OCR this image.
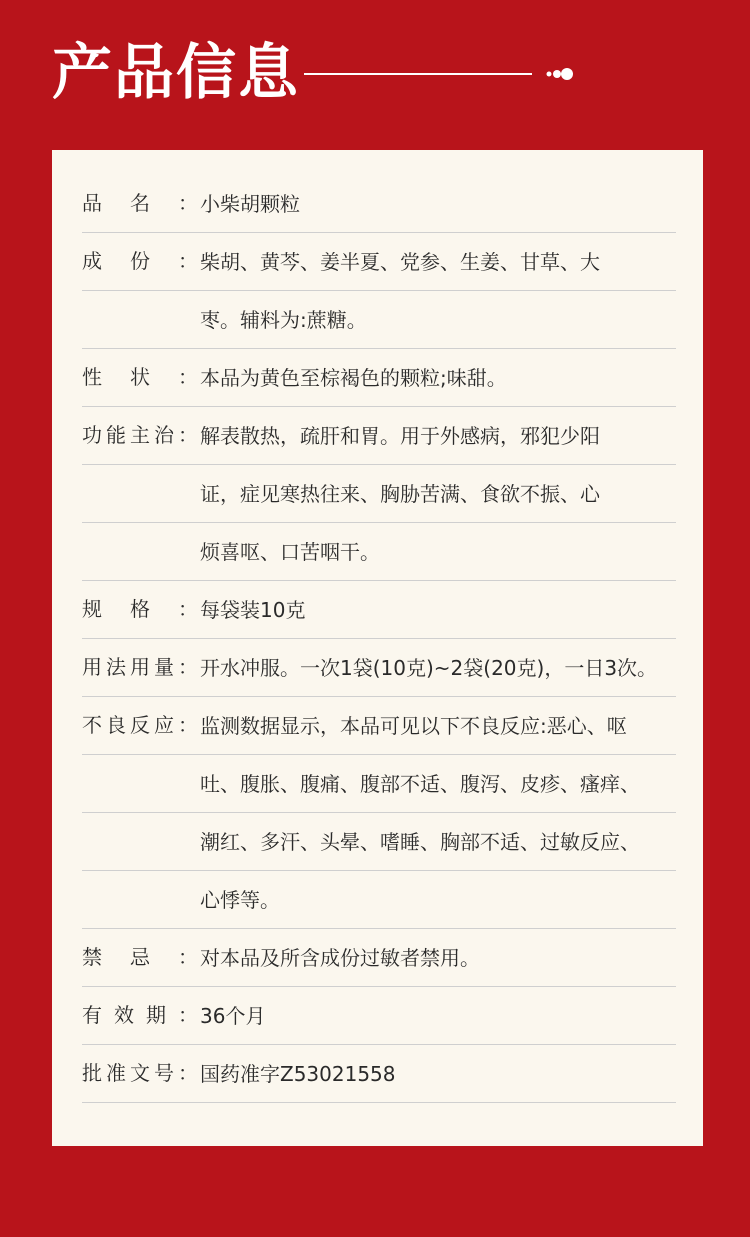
产品信息
品 名 ： 小柴胡颗粒
成 份 ： 柴胡、黄芩、姜半夏、党参、生姜、甘草、大
枣。辅料为:蔗糖。
性 状 ： 本品为黄色至棕褐色的颗粒;味甜。
功 能 主 治 ： 解表散热，疏肝和胃。用于外感病，邪犯少阳
证，症见寒热往来、胸胁苦满、食欲不振、心
烦喜呕、口苦咽干。
规 格 ： 每袋装10克
用 法 用 量 ： 开水冲服。一次1袋(10克)~2袋(20克)，一日3次。
不 良 反 应 ： 监测数据显示，本品可见以下不良反应:恶心、呕
吐、腹胀、腹痛、腹部不适、腹泻、皮疹、瘙痒、
潮红、多汗、头晕、嗜睡、胸部不适、过敏反应、
心悸等。
禁 忌 ： 对本品及所含成份过敏者禁用。
有 效 期 ： 36个月
批 准 文 号 ： 国药准字Z53021558
